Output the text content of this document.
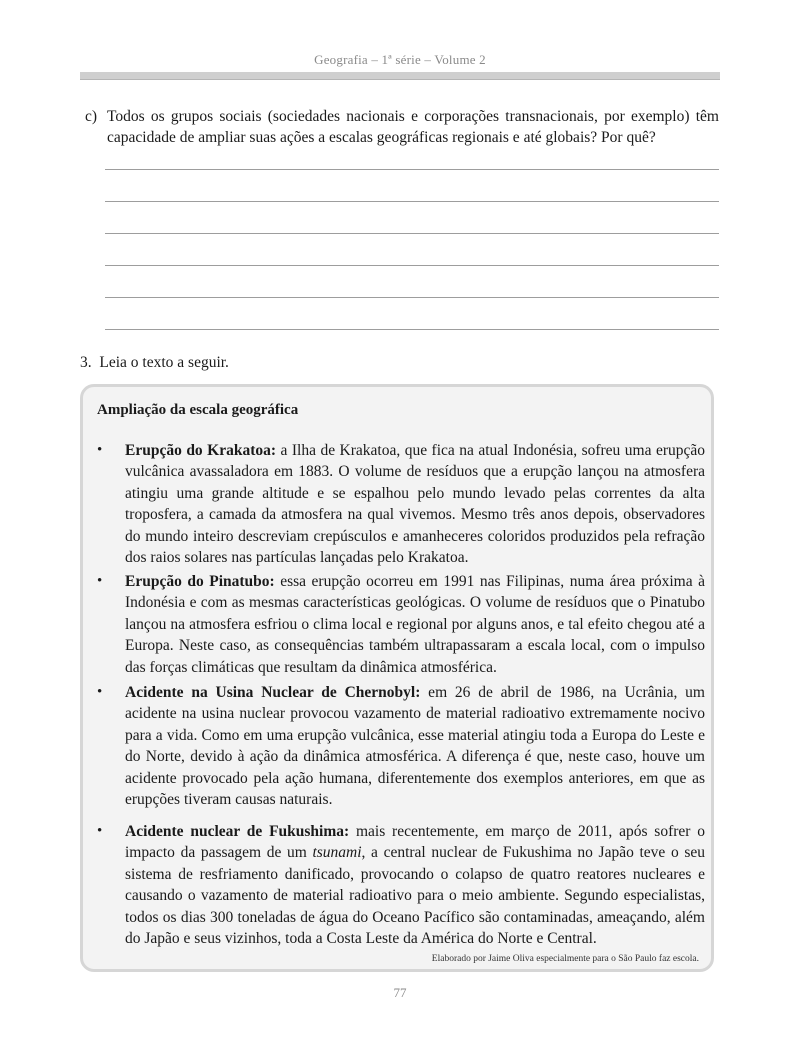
Geografia – 1ª série – Volume 2
c) Todos os grupos sociais (sociedades nacionais e corporações transnacionais, por exemplo) têm capacidade de ampliar suas ações a escalas geográficas regionais e até globais? Por quê?
3. Leia o texto a seguir.
Ampliação da escala geográfica
• Erupção do Krakatoa: a Ilha de Krakatoa, que fica na atual Indonésia, sofreu uma erupção vulcânica avassaladora em 1883. O volume de resíduos que a erupção lançou na atmosfera atingiu uma grande altitude e se espalhou pelo mundo levado pelas correntes da alta troposfera, a camada da atmosfera na qual vivemos. Mesmo três anos depois, observadores do mundo inteiro descreviam crepúsculos e amanheceres coloridos produzidos pela refração dos raios solares nas partículas lançadas pelo Krakatoa.
• Erupção do Pinatubo: essa erupção ocorreu em 1991 nas Filipinas, numa área próxima à Indonésia e com as mesmas características geológicas. O volume de resíduos que o Pinatubo lançou na atmosfera esfriou o clima local e regional por alguns anos, e tal efeito chegou até a Europa. Neste caso, as consequências também ultrapassaram a escala local, com o impulso das forças climáticas que resultam da dinâmica atmosférica.
• Acidente na Usina Nuclear de Chernobyl: em 26 de abril de 1986, na Ucrânia, um acidente na usina nuclear provocou vazamento de material radioativo extremamente nocivo para a vida. Como em uma erupção vulcânica, esse material atingiu toda a Europa do Leste e do Norte, devido à ação da dinâmica atmosférica. A diferença é que, neste caso, houve um acidente provocado pela ação humana, diferentemente dos exemplos anteriores, em que as erupções tiveram causas naturais.
• Acidente nuclear de Fukushima: mais recentemente, em março de 2011, após sofrer o impacto da passagem de um tsunami, a central nuclear de Fukushima no Japão teve o seu sistema de resfriamento danificado, provocando o colapso de quatro reatores nucleares e causando o vazamento de material radioativo para o meio ambiente. Segundo especialistas, todos os dias 300 toneladas de água do Oceano Pacífico são contaminadas, ameaçando, além do Japão e seus vizinhos, toda a Costa Leste da América do Norte e Central.
Elaborado por Jaime Oliva especialmente para o São Paulo faz escola.
77
